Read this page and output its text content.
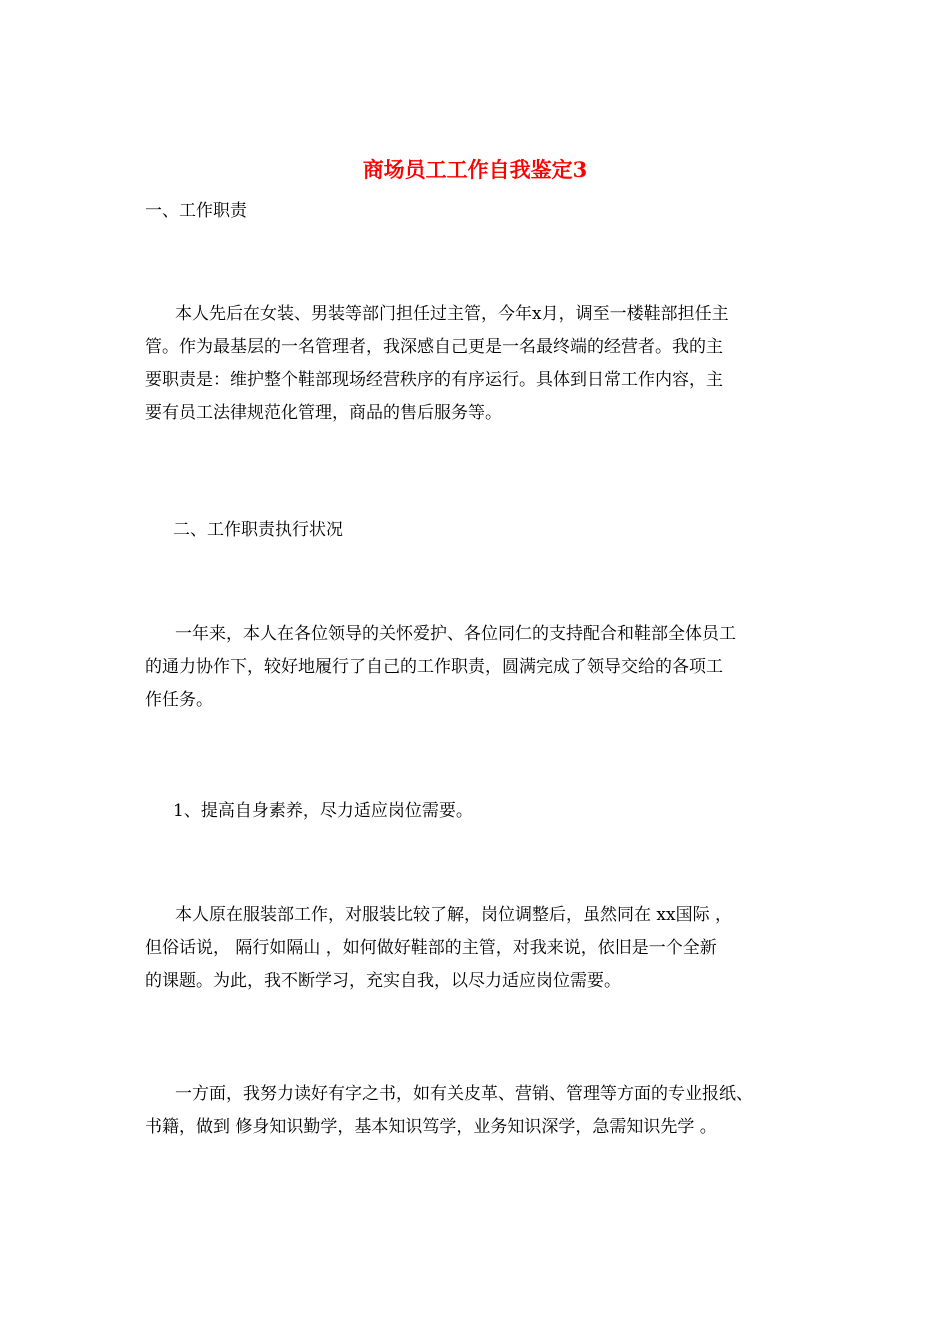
商场员工工作自我鉴定3

一、工作职责

本人先后在女装、男装等部门担任过主管，今年x月，调至一楼鞋部担任主
管。作为最基层的一名管理者，我深感自己更是一名最终端的经营者。我的主
要职责是：维护整个鞋部现场经营秩序的有序运行。具体到日常工作内容，主
要有员工法律规范化管理，商品的售后服务等。

二、工作职责执行状况

一年来，本人在各位领导的关怀爱护、各位同仁的支持配合和鞋部全体员工
的通力协作下，较好地履行了自己的工作职责，圆满完成了领导交给的各项工
作任务。

1、提高自身素养，尽力适应岗位需要。

本人原在服装部工作，对服装比较了解，岗位调整后，虽然同在 xx国际 ，
但俗话说， 隔行如隔山 ，如何做好鞋部的主管，对我来说，依旧是一个全新
的课题。为此，我不断学习，充实自我，以尽力适应岗位需要。
一方面，我努力读好有字之书，如有关皮革、营销、管理等方面的专业报纸、
书籍，做到 修身知识勤学，基本知识笃学，业务知识深学，急需知识先学 。
